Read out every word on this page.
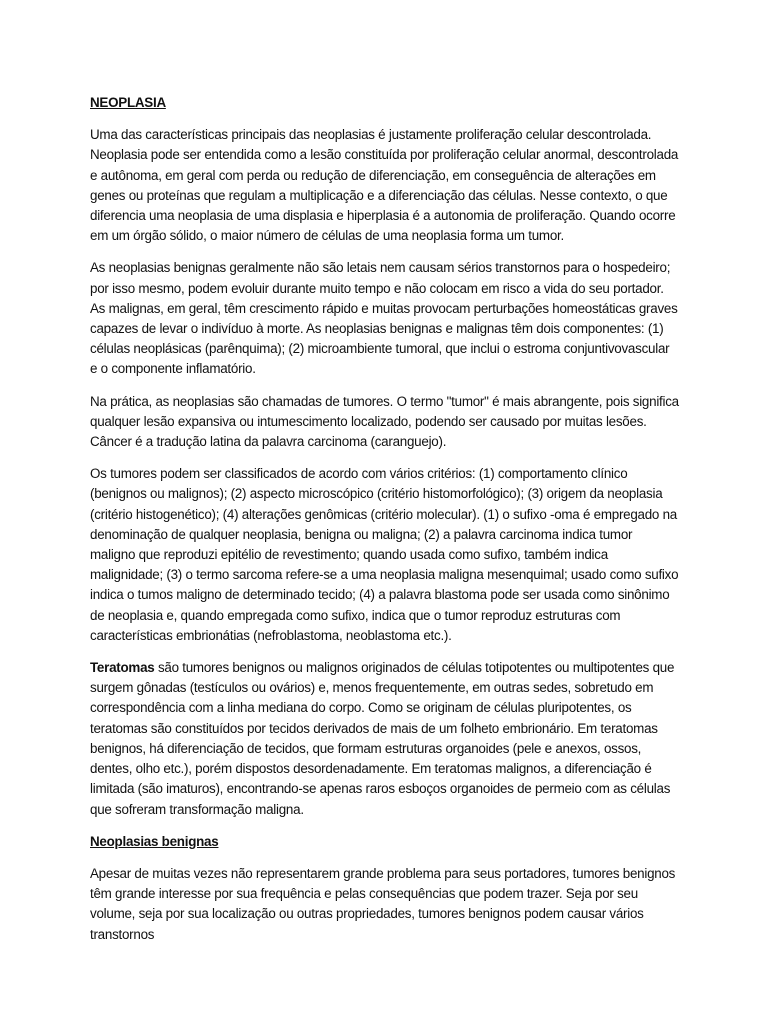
NEOPLASIA

Uma das características principais das neoplasias é justamente proliferação celular descontrolada. Neoplasia pode ser entendida como a lesão constituída por proliferação celular anormal, descontrolada e autônoma, em geral com perda ou redução de diferenciação, em conseguência de alterações em genes ou proteínas que regulam a multiplicação e a diferenciação das células. Nesse contexto, o que diferencia uma neoplasia de uma displasia e hiperplasia é a autonomia de proliferação. Quando ocorre em um órgão sólido, o maior número de células de uma neoplasia forma um tumor.

As neoplasias benignas geralmente não são letais nem causam sérios transtornos para o hospedeiro; por isso mesmo, podem evoluir durante muito tempo e não colocam em risco a vida do seu portador. As malignas, em geral, têm crescimento rápido e muitas provocam perturbações homeostáticas graves capazes de levar o indivíduo à morte. As neoplasias benignas e malignas têm dois componentes: (1) células neoplásicas (parênquima); (2) microambiente tumoral, que inclui o estroma conjuntivovascular e o componente inflamatório.

Na prática, as neoplasias são chamadas de tumores. O termo "tumor" é mais abrangente, pois significa qualquer lesão expansiva ou intumescimento localizado, podendo ser causado por muitas lesões. Câncer é a tradução latina da palavra carcinoma (caranguejo).

Os tumores podem ser classificados de acordo com vários critérios: (1) comportamento clínico (benignos ou malignos); (2) aspecto microscópico (critério histomorfológico); (3) origem da neoplasia (critério histogenético); (4) alterações genômicas (critério molecular). (1) o sufixo -oma é empregado na denominação de qualquer neoplasia, benigna ou maligna; (2) a palavra carcinoma indica tumor maligno que reproduzi epitélio de revestimento; quando usada como sufixo, também indica malignidade; (3) o termo sarcoma refere-se a uma neoplasia maligna mesenquimal; usado como sufixo indica o tumos maligno de determinado tecido; (4) a palavra blastoma pode ser usada como sinônimo de neoplasia e, quando empregada como sufixo, indica que o tumor reproduz estruturas com características embrionátias (nefroblastoma, neoblastoma etc.).

Teratomas são tumores benignos ou malignos originados de células totipotentes ou multipotentes que surgem gônadas (testículos ou ovários) e, menos frequentemente, em outras sedes, sobretudo em correspondência com a linha mediana do corpo. Como se originam de células pluripotentes, os teratomas são constituídos por tecidos derivados de mais de um folheto embrionário. Em teratomas benignos, há diferenciação de tecidos, que formam estruturas organoides (pele e anexos, ossos, dentes, olho etc.), porém dispostos desordenadamente. Em teratomas malignos, a diferenciação é limitada (são imaturos), encontrando-se apenas raros esboços organoides de permeio com as células que sofreram transformação maligna.

Neoplasias benignas

Apesar de muitas vezes não representarem grande problema para seus portadores, tumores benignos têm grande interesse por sua frequência e pelas consequências que podem trazer. Seja por seu volume, seja por sua localização ou outras propriedades, tumores benignos podem causar vários transtornos
